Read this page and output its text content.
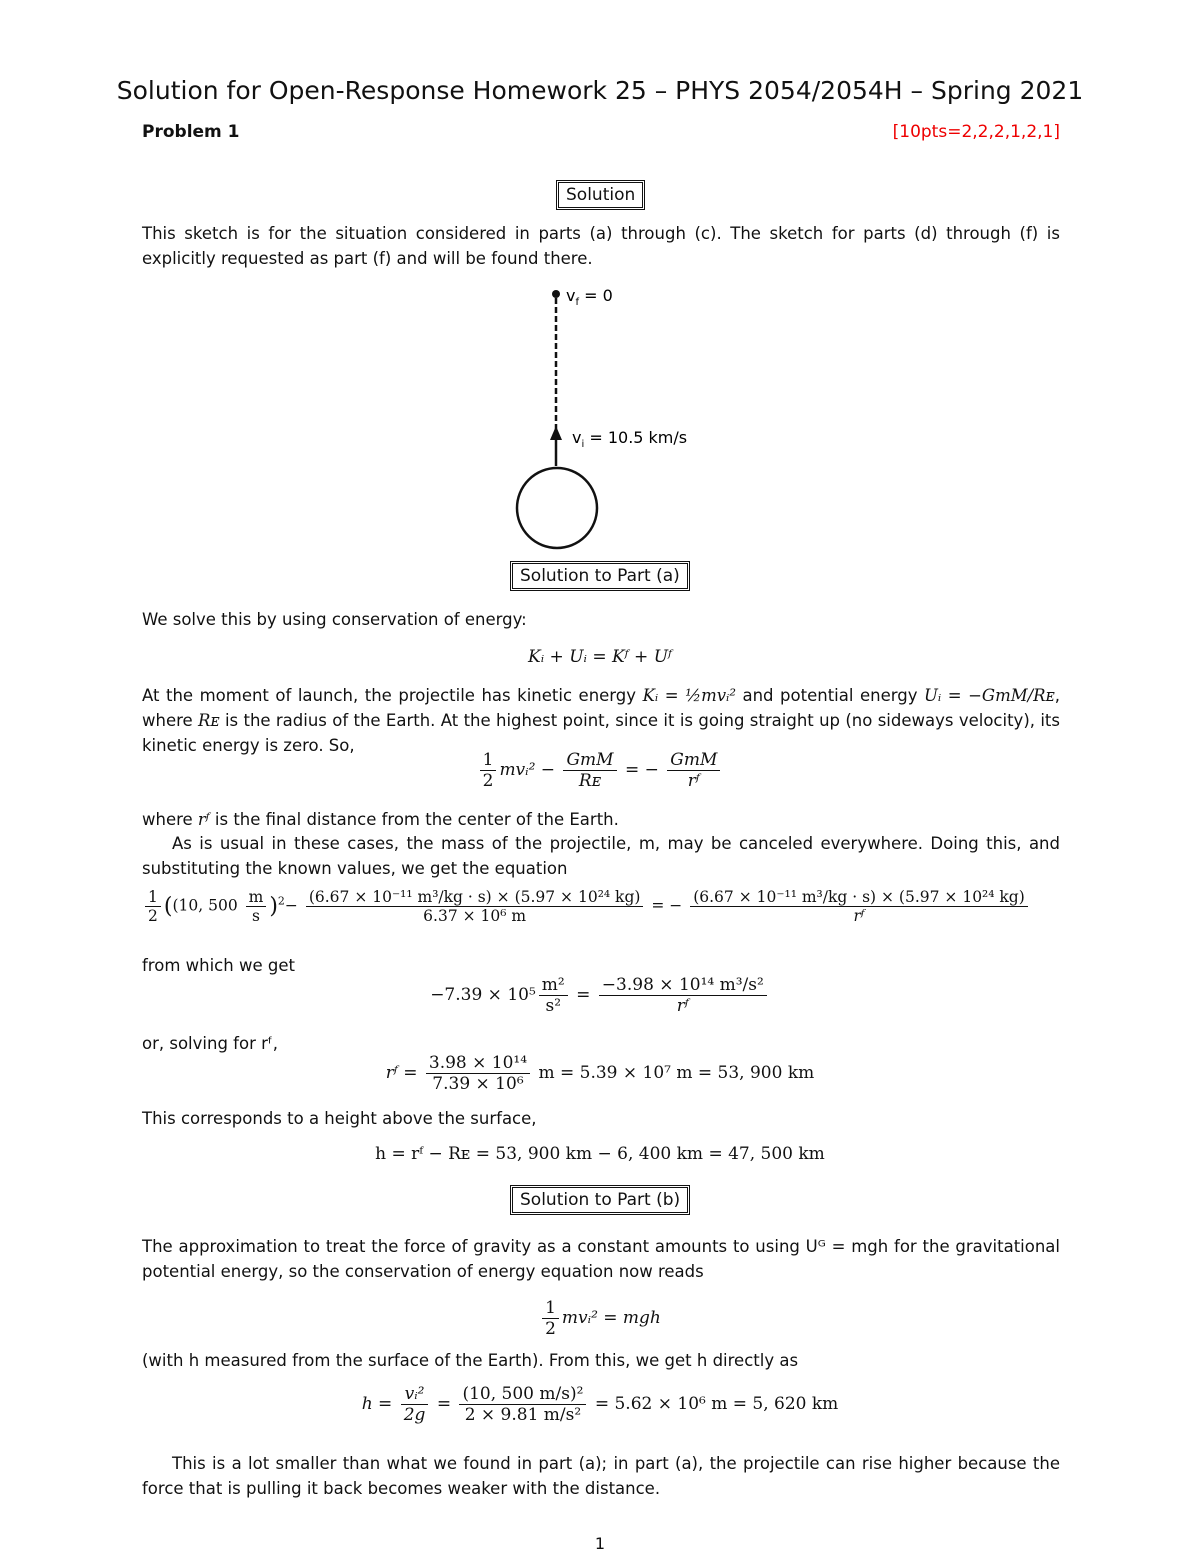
Solution for Open-Response Homework 25 – PHYS 2054/2054H – Spring 2021
Problem 1	[10pts=2,2,2,1,2,1]
Solution
This sketch is for the situation considered in parts (a) through (c). The sketch for parts (d) through (f) is explicitly requested as part (f) and will be found there.
$v_f = 0$
$v_i = 10.5$ km/s
Solution to Part (a)
We solve this by using conservation of energy:
Kᵢ + Uᵢ = Kᶠ + Uᶠ
At the moment of launch, the projectile has kinetic energy Kᵢ = ½mvᵢ² and potential energy Uᵢ = −GmM/Rᴇ, where Rᴇ is the radius of the Earth. At the highest point, since it is going straight up (no sideways velocity), its kinetic energy is zero. So,
$\frac{1}{2}$ mvᵢ² − $\frac{\text{GmM}}{\text{Rᴇ}}$ = − $\frac{\text{GmM}}{\text{rᶠ}}$
where rᶠ is the final distance from the center of the Earth.
As is usual in these cases, the mass of the projectile, m, may be canceled everywhere. Doing this, and substituting the known values, we get the equation
$\frac{1}{2} ((10$, $500 \frac{m}{s} )^2- \frac{\text{(6.67 × 10⁻¹¹ m³/kg · s) × (5.97 × 10²⁴ kg)}}{\text{6.37 × 10⁶ m}}$ = − $\frac{\text{(6.67 × 10⁻¹¹ m³/kg · s) × (5.97 × 10²⁴ kg)}}{\text{rᶠ}}$
from which we get
$-7.39 \times 10^5 \frac{\text{m²}}{\text{s²}} = \frac{\text{−3.98 × 10¹⁴ m³/s²}}{\text{rᶠ}}$
or, solving for rᶠ,
rᶠ = $\frac{\text{3.98 × 10¹⁴}}{\text{7.39 × 10⁶}}$ m = 5.39 × 10⁷ m = 53, 900 km
This corresponds to a height above the surface,
h = rᶠ − Rᴇ = 53, 900 km − 6, 400 km = 47, 500 km
Solution to Part (b)
The approximation to treat the force of gravity as a constant amounts to using Uᴳ = mgh for the gravitational potential energy, so the conservation of energy equation now reads
$\frac{1}{2}$ mvᵢ² = mgh
(with h measured from the surface of the Earth). From this, we get h directly as
$h = \frac{\text{vᵢ²}}{2g} = \frac{\text{(10, 500 m/s)²}}{\text{2 × 9.81 m/s²}} = 5.62 \times 10^6$ m = 5, 620 km
This is a lot smaller than what we found in part (a); in part (a), the projectile can rise higher because the force that is pulling it back becomes weaker with the distance.
1
